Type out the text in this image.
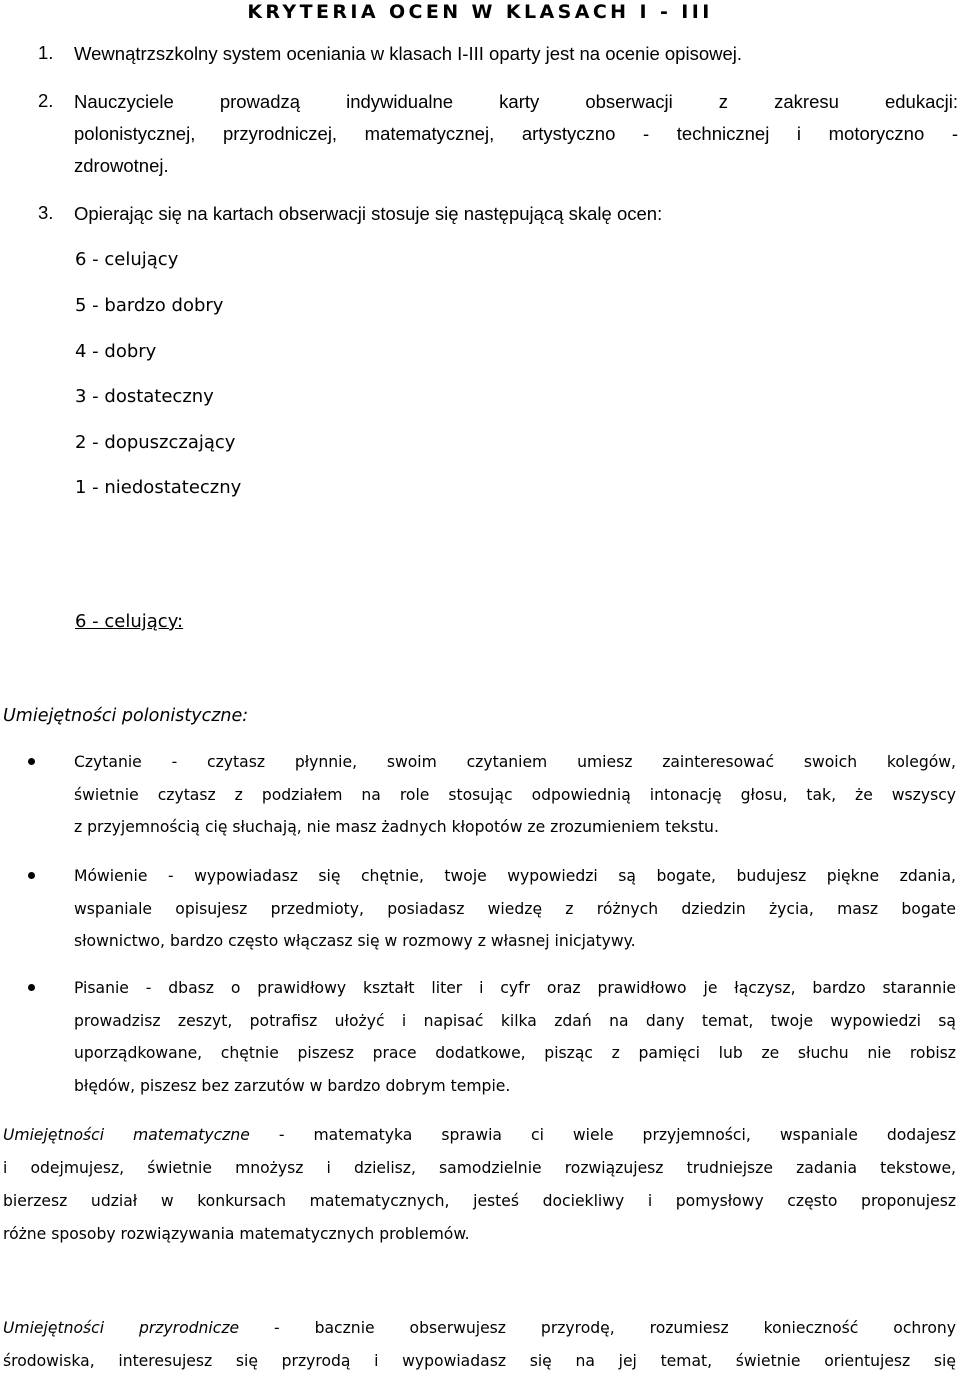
KRYTERIA OCEN W KLASACH I - III
1.	Wewnątrzszkolny system oceniania w klasach I-III oparty jest na ocenie opisowej.
2.	Nauczyciele prowadzą indywidualne karty obserwacji z zakresu edukacji:
polonistycznej, przyrodniczej, matematycznej, artystyczno - technicznej i motoryczno -
zdrowotnej.
3.	Opierając się na kartach obserwacji stosuje się następującą skalę ocen:
6 - celujący
5 - bardzo dobry
4 - dobry
3 - dostateczny
2 - dopuszczający
1 - niedostateczny
6 - celujący:
Umiejętności polonistyczne:
Czytanie - czytasz płynnie, swoim czytaniem umiesz zainteresować swoich kolegów,
świetnie czytasz z podziałem na role stosując odpowiednią intonację głosu, tak, że wszyscy
z przyjemnością cię słuchają, nie masz żadnych kłopotów ze zrozumieniem tekstu.
Mówienie - wypowiadasz się chętnie, twoje wypowiedzi są bogate, budujesz piękne zdania,
wspaniale opisujesz przedmioty, posiadasz wiedzę z różnych dziedzin życia, masz bogate
słownictwo, bardzo często włączasz się w rozmowy z własnej inicjatywy.
Pisanie - dbasz o prawidłowy kształt liter i cyfr oraz prawidłowo je łączysz, bardzo starannie
prowadzisz zeszyt, potrafisz ułożyć i napisać kilka zdań na dany temat, twoje wypowiedzi są
uporządkowane, chętnie piszesz prace dodatkowe, pisząc z pamięci lub ze słuchu nie robisz
błędów, piszesz bez zarzutów w bardzo dobrym tempie.
Umiejętności matematyczne - matematyka sprawia ci wiele przyjemności, wspaniale dodajesz
i odejmujesz, świetnie mnożysz i dzielisz, samodzielnie rozwiązujesz trudniejsze zadania tekstowe,
bierzesz udział w konkursach matematycznych, jesteś dociekliwy i pomysłowy często proponujesz
różne sposoby rozwiązywania matematycznych problemów.
Umiejętności przyrodnicze - baczn﻿ie obserwujesz przyrodę, rozumiesz konieczność ochrony
środowiska, interesujesz się przyrodą i wypowiadasz się na jej temat, świetnie orientujesz się
